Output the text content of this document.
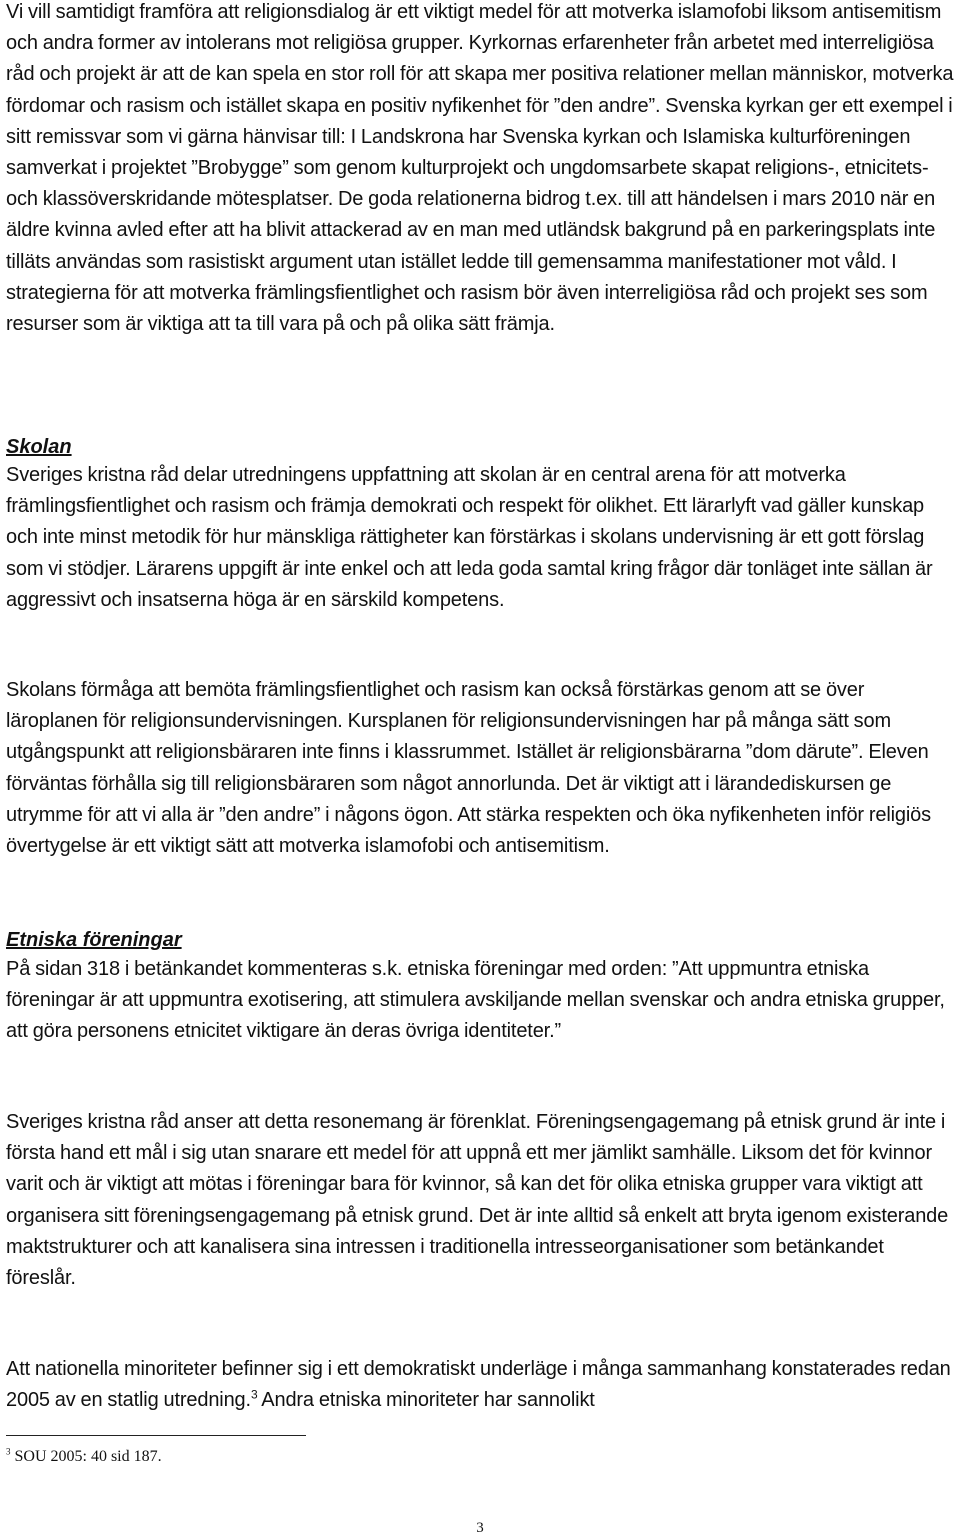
Vi vill samtidigt framföra att religionsdialog är ett viktigt medel för att motverka islamofobi liksom antisemitism och andra former av intolerans mot religiösa grupper. Kyrkornas erfarenheter från arbetet med interreligiösa råd och projekt är att de kan spela en stor roll för att skapa mer positiva relationer mellan människor, motverka fördomar och rasism och istället skapa en positiv nyfikenhet för ”den andre”. Svenska kyrkan ger ett exempel i sitt remissvar som vi gärna hänvisar till: I Landskrona har Svenska kyrkan och Islamiska kulturföreningen samverkat i projektet ”Brobygge” som genom kulturprojekt och ungdomsarbete skapat religions-, etnicitets- och klassöverskridande mötesplatser. De goda relationerna bidrog t.ex. till att händelsen i mars 2010 när en äldre kvinna avled efter att ha blivit attackerad av en man med utländsk bakgrund på en parkeringsplats inte tilläts användas som rasistiskt argument utan istället ledde till gemensamma manifestationer mot våld. I strategierna för att motverka främlingsfientlighet och rasism bör även interreligiösa råd och projekt ses som resurser som är viktiga att ta till vara på och på olika sätt främja.

Skolan

Sveriges kristna råd delar utredningens uppfattning att skolan är en central arena för att motverka främlingsfientlighet och rasism och främja demokrati och respekt för olikhet. Ett lärarlyft vad gäller kunskap och inte minst metodik för hur mänskliga rättigheter kan förstärkas i skolans undervisning är ett gott förslag som vi stödjer. Lärarens uppgift är inte enkel och att leda goda samtal kring frågor där tonläget inte sällan är aggressivt och insatserna höga är en särskild kompetens.

Skolans förmåga att bemöta främlingsfientlighet och rasism kan också förstärkas genom att se över läroplanen för religionsundervisningen. Kursplanen för religionsundervisningen har på många sätt som utgångspunkt att religionsbäraren inte finns i klassrummet. Istället är religionsbärarna ”dom därute”. Eleven förväntas förhålla sig till religionsbäraren som något annorlunda. Det är viktigt att i lärandediskursen ge utrymme för att vi alla är ”den andre” i någons ögon. Att stärka respekten och öka nyfikenheten inför religiös övertygelse är ett viktigt sätt att motverka islamofobi och antisemitism.

Etniska föreningar

På sidan 318 i betänkandet kommenteras s.k. etniska föreningar med orden: ”Att uppmuntra etniska föreningar är att uppmuntra exotisering, att stimulera avskiljande mellan svenskar och andra etniska grupper, att göra personens etnicitet viktigare än deras övriga identiteter.”

Sveriges kristna råd anser att detta resonemang är förenklat. Föreningsengagemang på etnisk grund är inte i första hand ett mål i sig utan snarare ett medel för att uppnå ett mer jämlikt samhälle. Liksom det för kvinnor varit och är viktigt att mötas i föreningar bara för kvinnor, så kan det för olika etniska grupper vara viktigt att organisera sitt föreningsengagemang på etnisk grund. Det är inte alltid så enkelt att bryta igenom existerande maktstrukturer och att kanalisera sina intressen i traditionella intresseorganisationer som betänkandet föreslår.

Att nationella minoriteter befinner sig i ett demokratiskt underläge i många sammanhang konstaterades redan 2005 av en statlig utredning.$^3$ Andra etniska minoriteter har sannolikt

$^3$ SOU 2005: 40 sid 187.
3
